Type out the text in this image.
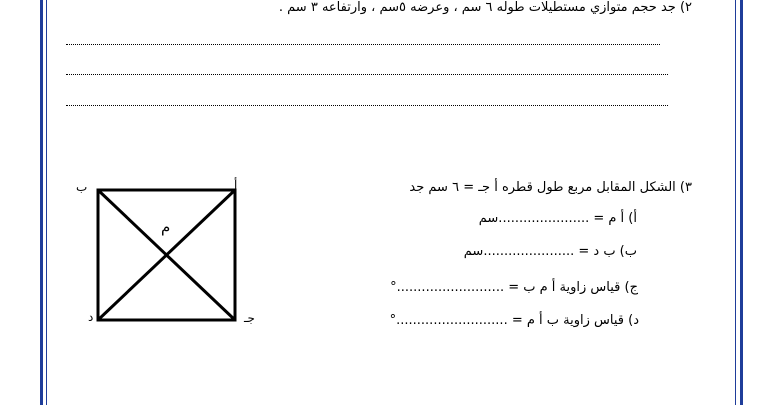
٢) جد حجم متوازي مستطيلات طوله ٦ سم ، وعرضه ٥سم ، وارتفاعه ٣ سم .
٣) الشكل المقابل مربع طول قطره أ جـ = ٦ سم جد
أ) أ م = ......................سم
ب) ب د = ......................سم
ج) قياس زاوية أ م ب = ..........................°
د) قياس زاوية ب أ م = ...........................°
ب	أ
د	جـ
م
